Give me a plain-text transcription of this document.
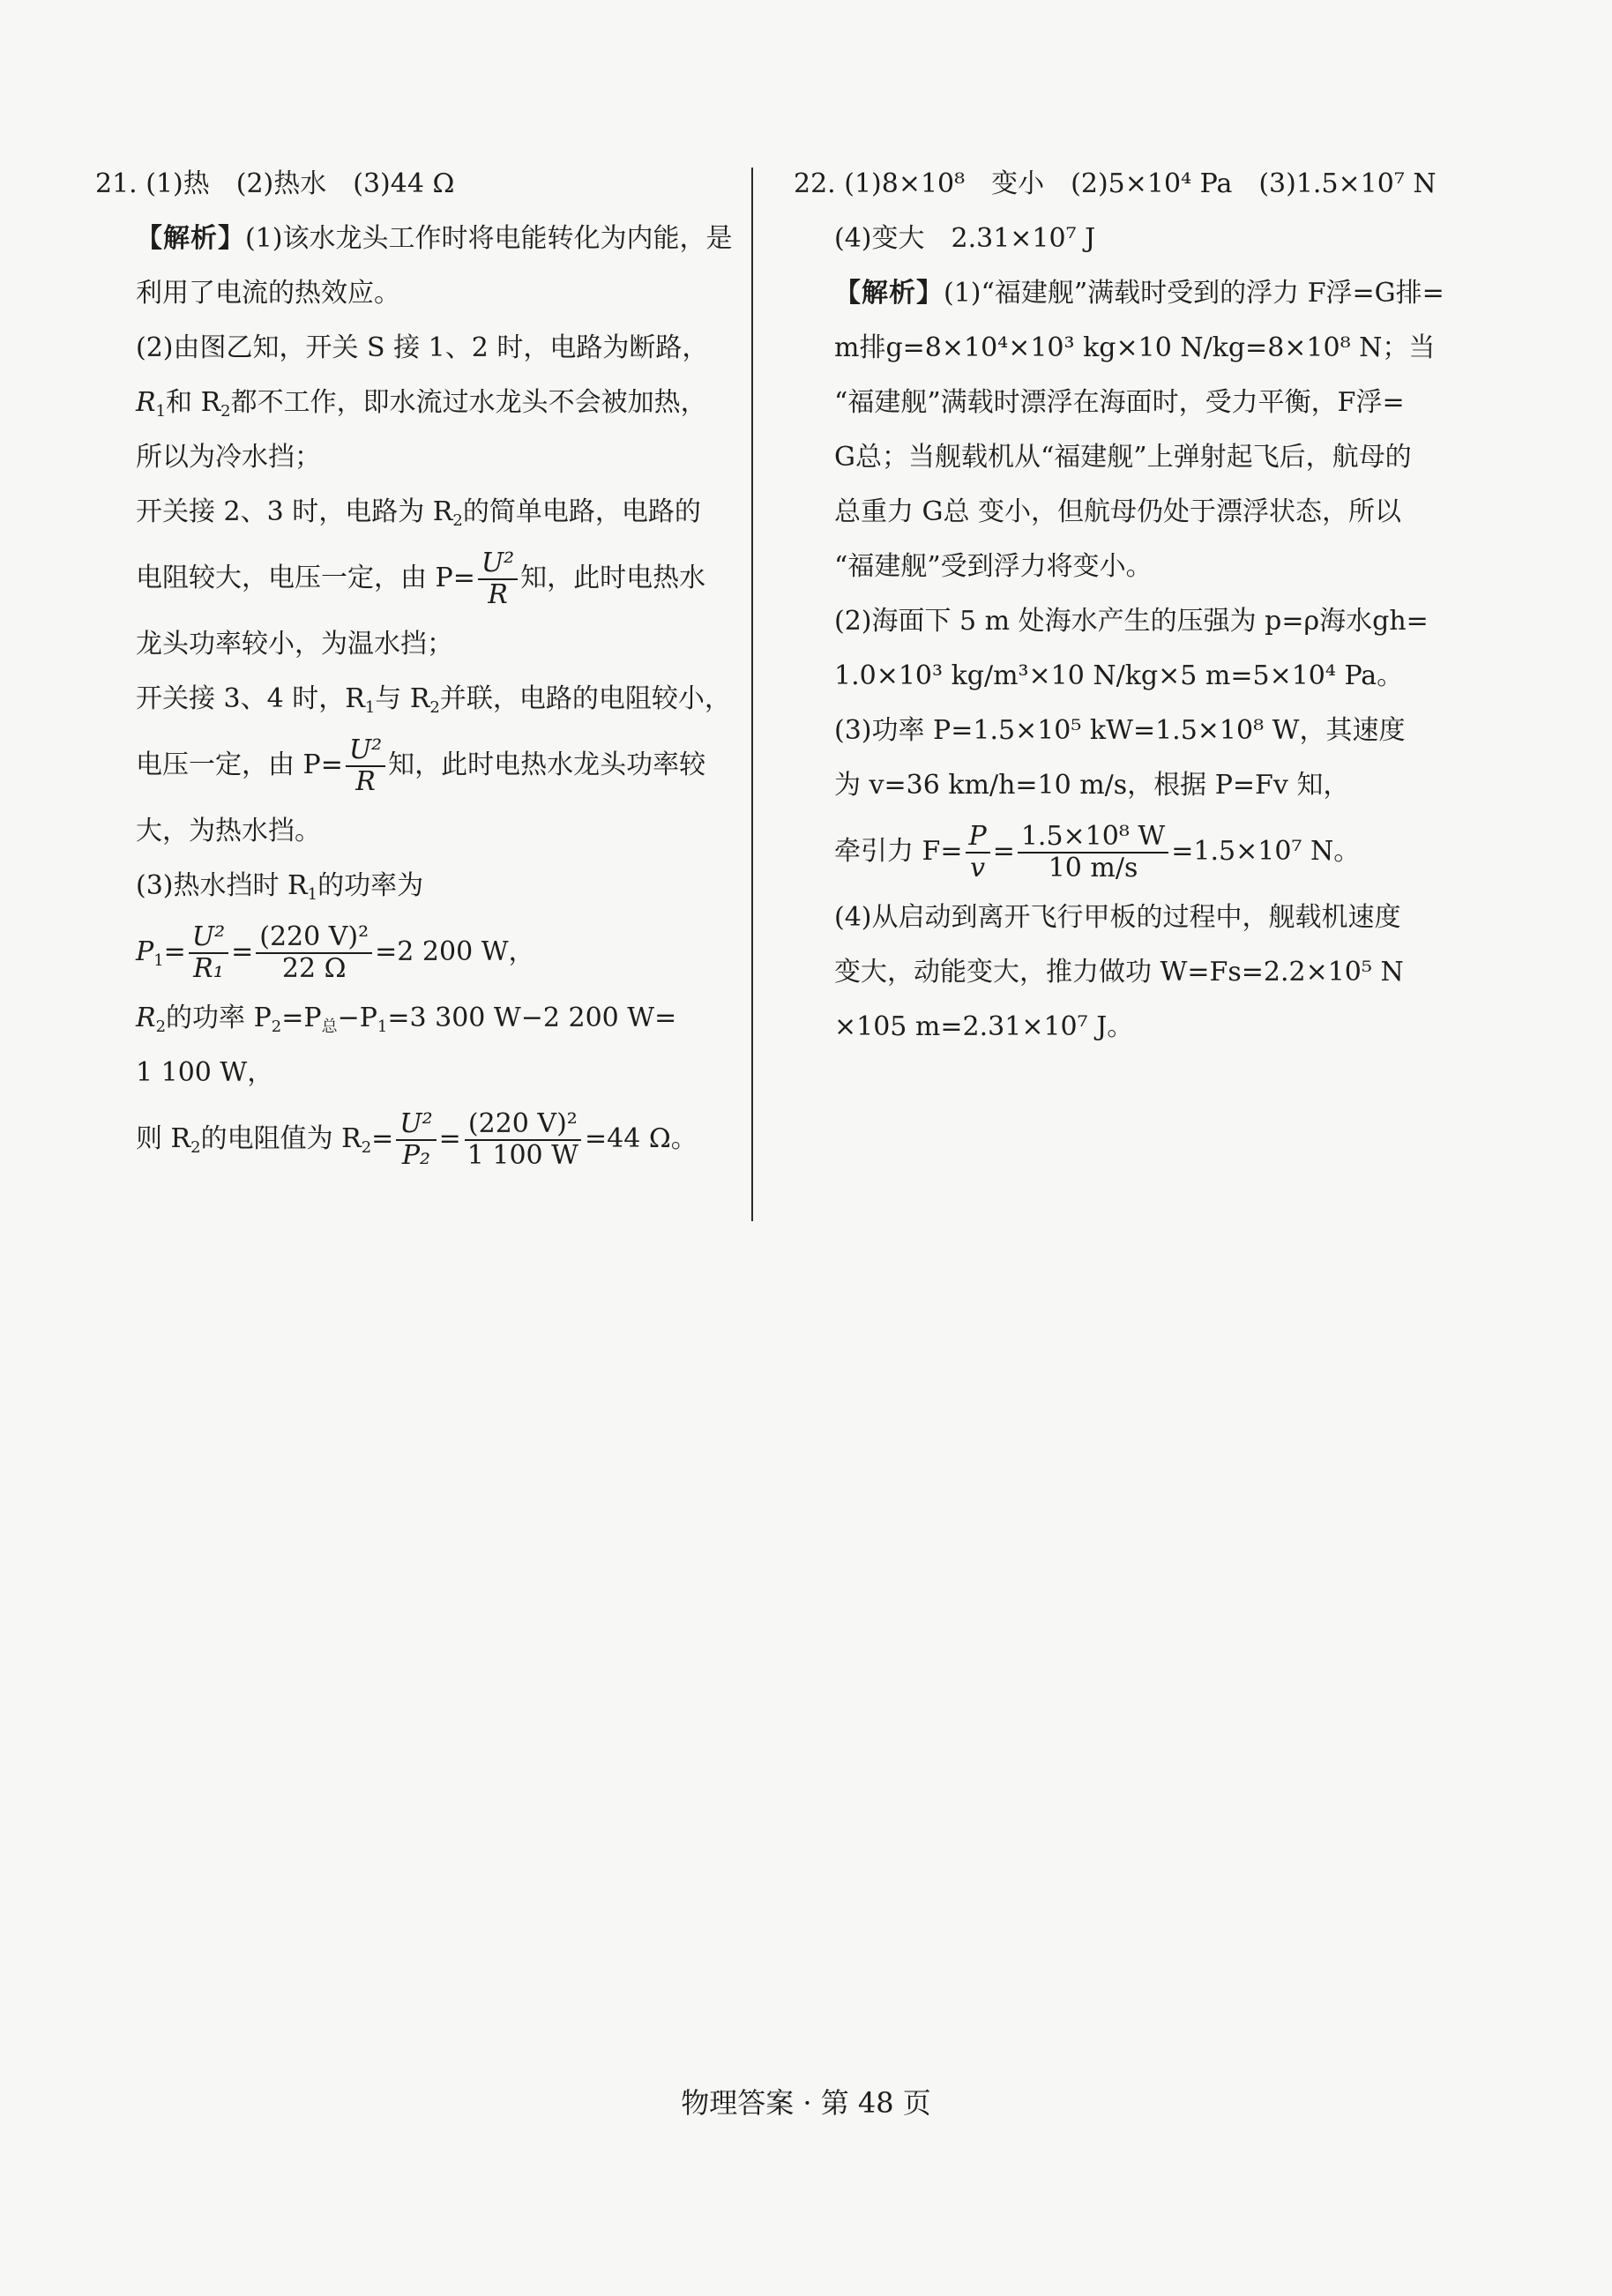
21. (1)热　(2)热水　(3)44 Ω
【解析】(1)该水龙头工作时将电能转化为内能，是
利用了电流的热效应。
(2)由图乙知，开关 S 接 1、2 时，电路为断路，
$R_1$和 $R_2$都不工作，即水流过水龙头不会被加热，
所以为冷水挡；
开关接 2、3 时，电路为 $R_2$的简单电路，电路的
电阻较大，电压一定，由 $P= \frac{\text{U²}}{R}$ 知，此时电热水
龙头功率较小，为温水挡；
开关接 3、4 时，$R_1$与 $R_2$并联，电路的电阻较小，
电压一定，由 $P= \frac{\text{U²}}{R}$ 知，此时电热水龙头功率较
大，为热水挡。
(3)热水挡时 $R_1$的功率为
$P_1= \frac{\text{U²}}{\text{R₁}} = \frac{\text{(220 V)²}}{22 \Omega} =2$ 200 W，
$R_2$的功率 $P_2=P_总-P_1=3$ 300 W−2 200 W=
1 100 W，
则 $R_2$的电阻值为 $R_2= \frac{\text{U²}}{\text{P₂}} = \frac{\text{(220 V)²}}{1 100 W} =44$ Ω。
22. (1)8×10⁸　变小　(2)5×10⁴ Pa　(3)1.5×10⁷ N
(4)变大　2.31×10⁷ J
【解析】(1)“福建舰”满载时受到的浮力 F浮=G排=
m排g=8×10⁴×10³ kg×10 N/kg=8×10⁸ N；当
“福建舰”满载时漂浮在海面时，受力平衡，F浮=
G总；当舰载机从“福建舰”上弹射起飞后，航母的
总重力 G总 变小，但航母仍处于漂浮状态，所以
“福建舰”受到浮力将变小。
(2)海面下 5 m 处海水产生的压强为 p=ρ海水gh=
1.0×10³ kg/m³×10 N/kg×5 m=5×10⁴ Pa。
(3)功率 P=1.5×10⁵ kW=1.5×10⁸ W，其速度
为 v=36 km/h=10 m/s，根据 P=Fv 知，
牵引力 $F= \frac{P}{v} = \frac{\text{1.5×10⁸ W}}{10 m/s} =1.5\times 10^7$ N。
(4)从启动到离开飞行甲板的过程中，舰载机速度
变大，动能变大，推力做功 W=Fs=2.2×10⁵ N
×105 m=2.31×10⁷ J。
物理答案 · 第 48 页
